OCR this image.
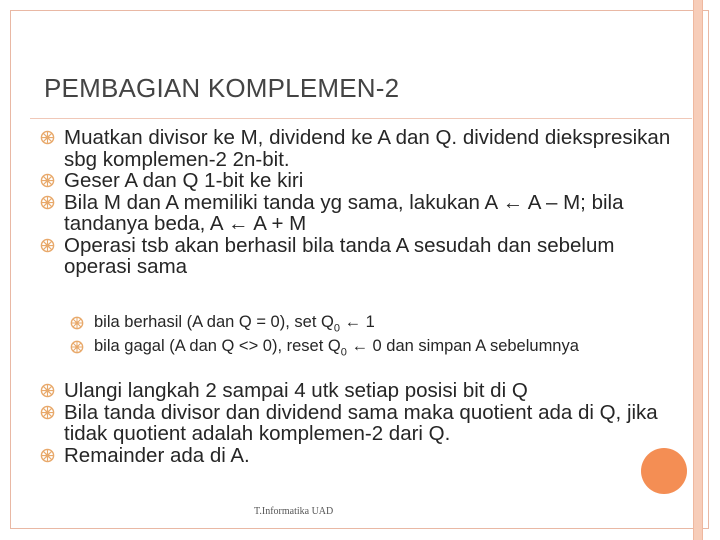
PEMBAGIAN KOMPLEMEN-2
Muatkan divisor ke M, dividend ke A dan Q. dividend diekspresikan sbg komplemen-2 2n-bit.
Geser A dan Q 1-bit ke kiri
Bila M dan A memiliki tanda yg sama, lakukan A ← A – M; bila tandanya beda, A ← A + M
Operasi tsb akan berhasil bila tanda A sesudah dan sebelum operasi sama
bila berhasil (A dan Q = 0), set $Q_0$ ← 1
bila gagal (A dan Q <> 0), reset $Q_0$ ← 0 dan simpan A sebelumnya
Ulangi langkah 2 sampai 4 utk setiap posisi bit di Q
Bila tanda divisor dan dividend sama maka quotient ada di Q, jika tidak quotient adalah komplemen-2 dari Q.
Remainder ada di A.
T.Informatika UAD
